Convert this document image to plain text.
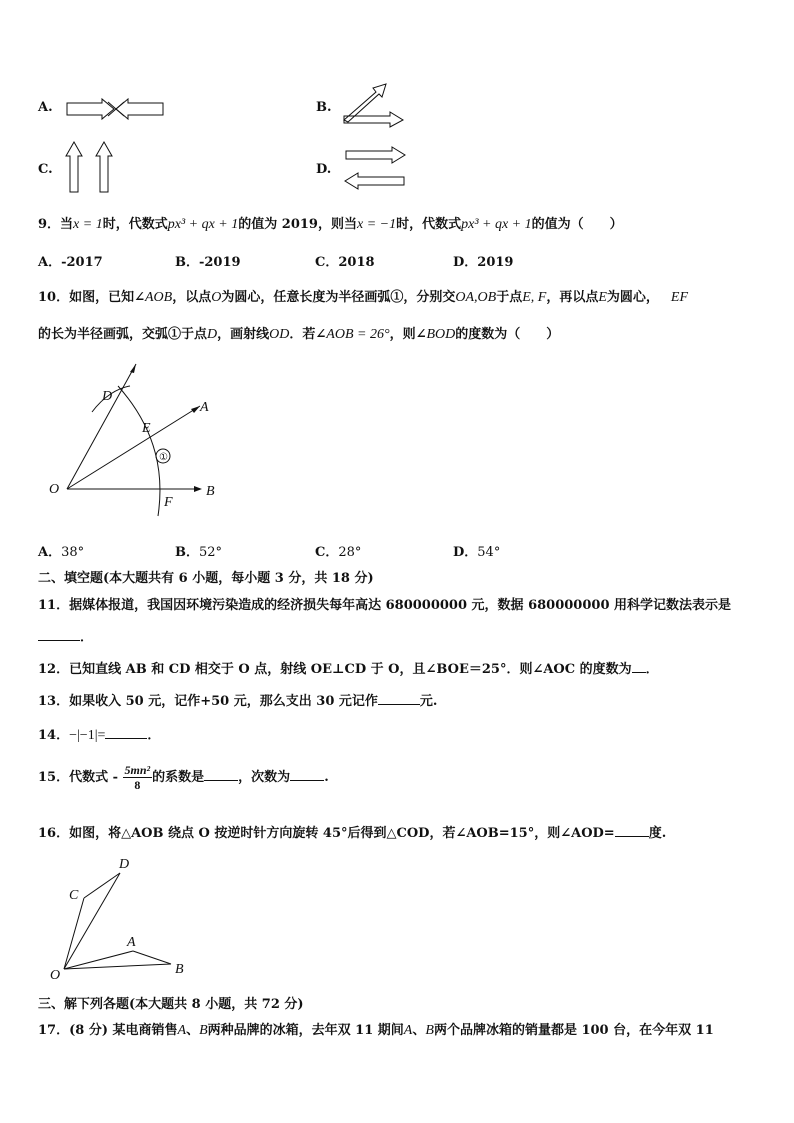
A.	B.
C.	D.
9．当x = 1时，代数式px³ + qx + 1的值为 2019，则当x = −1时，代数式px³ + qx + 1的值为（　　）
A．-2017	B．-2019	C．2018	D．2019
10．如图，已知∠AOB，以点O为圆心，任意长度为半径画弧①，分别交OA,OB于点E, F，再以点E为圆心， EF
的长为半径画弧，交弧①于点D，画射线OD．若∠AOB = 26°，则∠BOD的度数为（　　）
①
D
A
E
O	B
F
A．38°	B．52°	C．28°	D．54°
二、填空题(本大题共有 6 小题，每小题 3 分，共 18 分)
11．据媒体报道，我国因环境污染造成的经济损失每年高达 680000000 元，数据 680000000 用科学记数法表示是
．
12．已知直线 AB 和 CD 相交于 O 点，射线 OE⊥CD 于 O，且∠BOE＝25°．则∠AOC 的度数为 ．
13．如果收入 50 元，记作+50 元，那么支出 30 元记作	元.
14．−|−1|=	．
15．代数式 - $\frac{\text{5mn²}}{8}$ 的系数是	，次数为	.
16．如图，将△AOB 绕点 O 按逆时针方向旋转 45°后得到△COD，若∠AOB=15°，则∠AOD=	度.
D
C
A
O	B
三、解下列各题(本大题共 8 小题，共 72 分)
17．(8 分) 某电商销售A、B两种品牌的冰箱，去年双 11 期间A、B两个品牌冰箱的销量都是 100 台，在今年双 11
